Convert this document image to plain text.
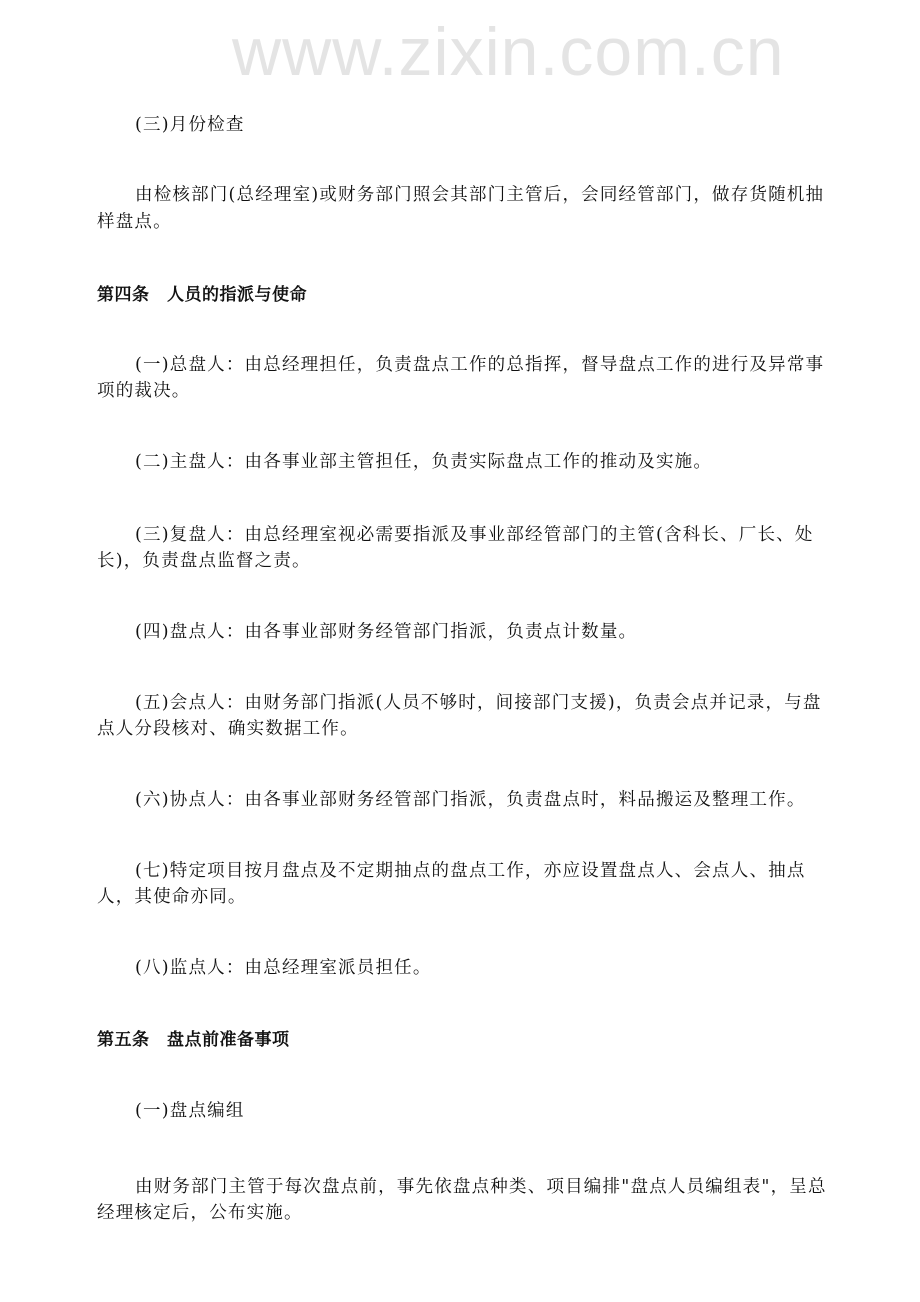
www.zixin.com.cn
(三)月份检查
由检核部门(总经理室)或财务部门照会其部门主管后，会同经管部门，做存货随机抽
样盘点。
第四条　人员的指派与使命
(一)总盘人：由总经理担任，负责盘点工作的总指挥，督导盘点工作的进行及异常事
项的裁决。
(二)主盘人：由各事业部主管担任，负责实际盘点工作的推动及实施。
(三)复盘人：由总经理室视必需要指派及事业部经管部门的主管(含科长、厂长、处
长)，负责盘点监督之责。
(四)盘点人：由各事业部财务经管部门指派，负责点计数量。
(五)会点人：由财务部门指派(人员不够时，间接部门支援)，负责会点并记录，与盘
点人分段核对、确实数据工作。
(六)协点人：由各事业部财务经管部门指派，负责盘点时，料品搬运及整理工作。
(七)特定项目按月盘点及不定期抽点的盘点工作，亦应设置盘点人、会点人、抽点
人，其使命亦同。
(八)监点人：由总经理室派员担任。
第五条　盘点前准备事项
(一)盘点编组
由财务部门主管于每次盘点前，事先依盘点种类、项目编排"盘点人员编组表"，呈总
经理核定后，公布实施。
